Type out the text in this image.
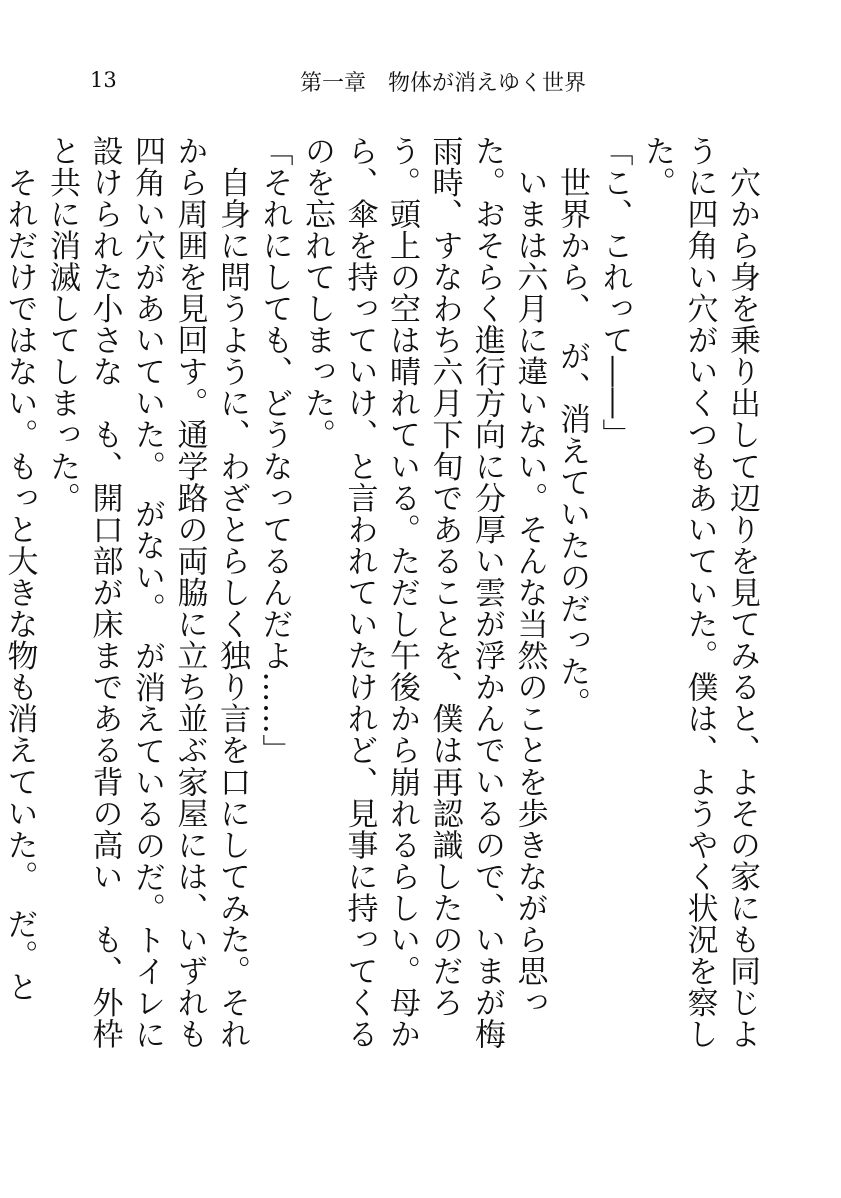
13	第一章　物体が消えゆく世界

　穴から身を乗り出して辺りを見てみると、よその家にも同じように四角い穴がいくつもあいていた。僕は、ようやく状況を察した。

「こ、これって――」

　世界から、　が、消えていたのだった。

　いまは六月に違いない。そんな当然のことを歩きながら思った。おそらく進行方向に分厚い雲が浮かんでいるので、いまが梅雨時、すなわち六月下旬であることを、僕は再認識したのだろう。頭上の空は晴れている。ただし午後から崩れるらしい。母から、傘を持っていけ、と言われていたけれど、見事に持ってくるのを忘れてしまった。

「それにしても、どうなってるんだよ……」

　自身に問うように、わざとらしく独り言を口にしてみた。それから周囲を見回す。通学路の両脇に立ち並ぶ家屋には、いずれも四角い穴があいていた。　がない。　が消えているのだ。トイレに設けられた小さな　も、開口部が床まである背の高い　も、外枠と共に消滅してしまった。

　それだけではない。もっと大きな物も消えていた。　だ。と
